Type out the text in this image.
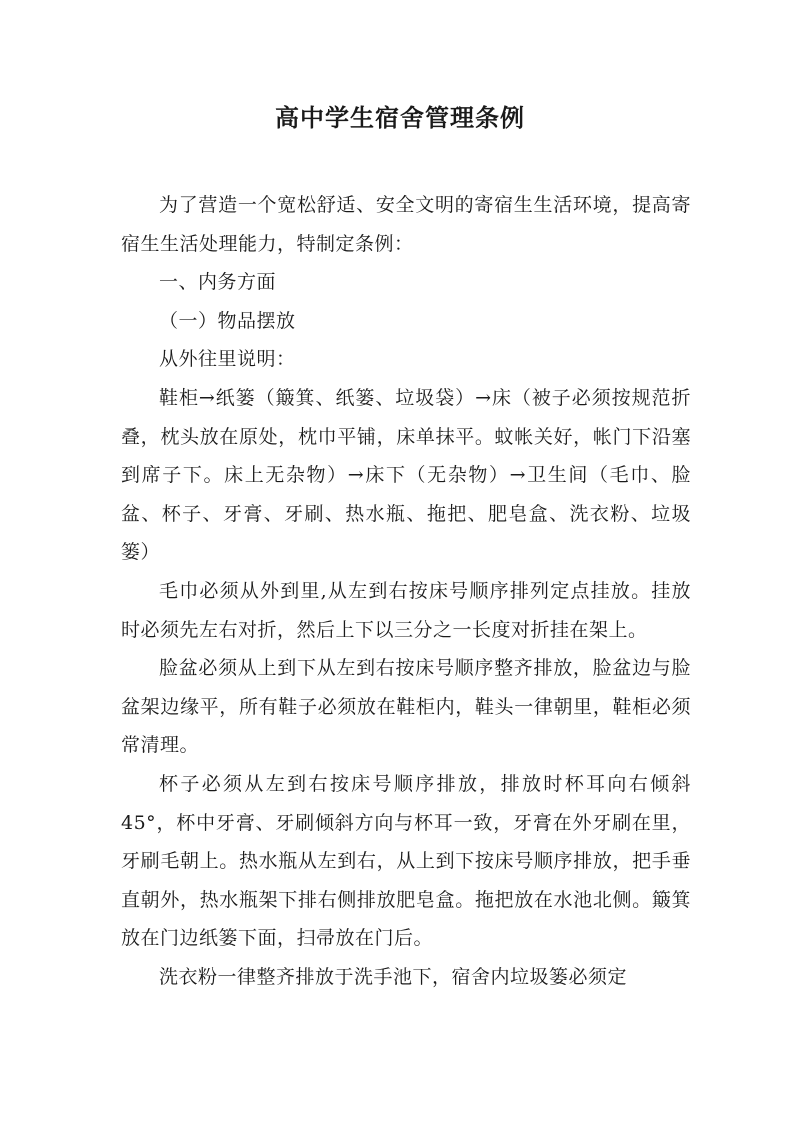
高中学生宿舍管理条例

为了营造一个宽松舒适、安全文明的寄宿生生活环境，提高寄宿生生活处理能力，特制定条例：

一、内务方面

（一）物品摆放

从外往里说明：

鞋柜→纸篓（簸箕、纸篓、垃圾袋）→床（被子必须按规范折叠，枕头放在原处，枕巾平铺，床单抹平。蚊帐关好，帐门下沿塞到席子下。床上无杂物）→床下（无杂物）→卫生间（毛巾、脸盆、杯子、牙膏、牙刷、热水瓶、拖把、肥皂盒、洗衣粉、垃圾篓）

毛巾必须从外到里,从左到右按床号顺序排列定点挂放。挂放时必须先左右对折，然后上下以三分之一长度对折挂在架上。

脸盆必须从上到下从左到右按床号顺序整齐排放，脸盆边与脸盆架边缘平，所有鞋子必须放在鞋柜内，鞋头一律朝里，鞋柜必须常清理。

杯子必须从左到右按床号顺序排放，排放时杯耳向右倾斜45°，杯中牙膏、牙刷倾斜方向与杯耳一致，牙膏在外牙刷在里，牙刷毛朝上。热水瓶从左到右，从上到下按床号顺序排放，把手垂直朝外，热水瓶架下排右侧排放肥皂盒。拖把放在水池北侧。簸箕放在门边纸篓下面，扫帚放在门后。

洗衣粉一律整齐排放于洗手池下，宿舍内垃圾篓必须定
